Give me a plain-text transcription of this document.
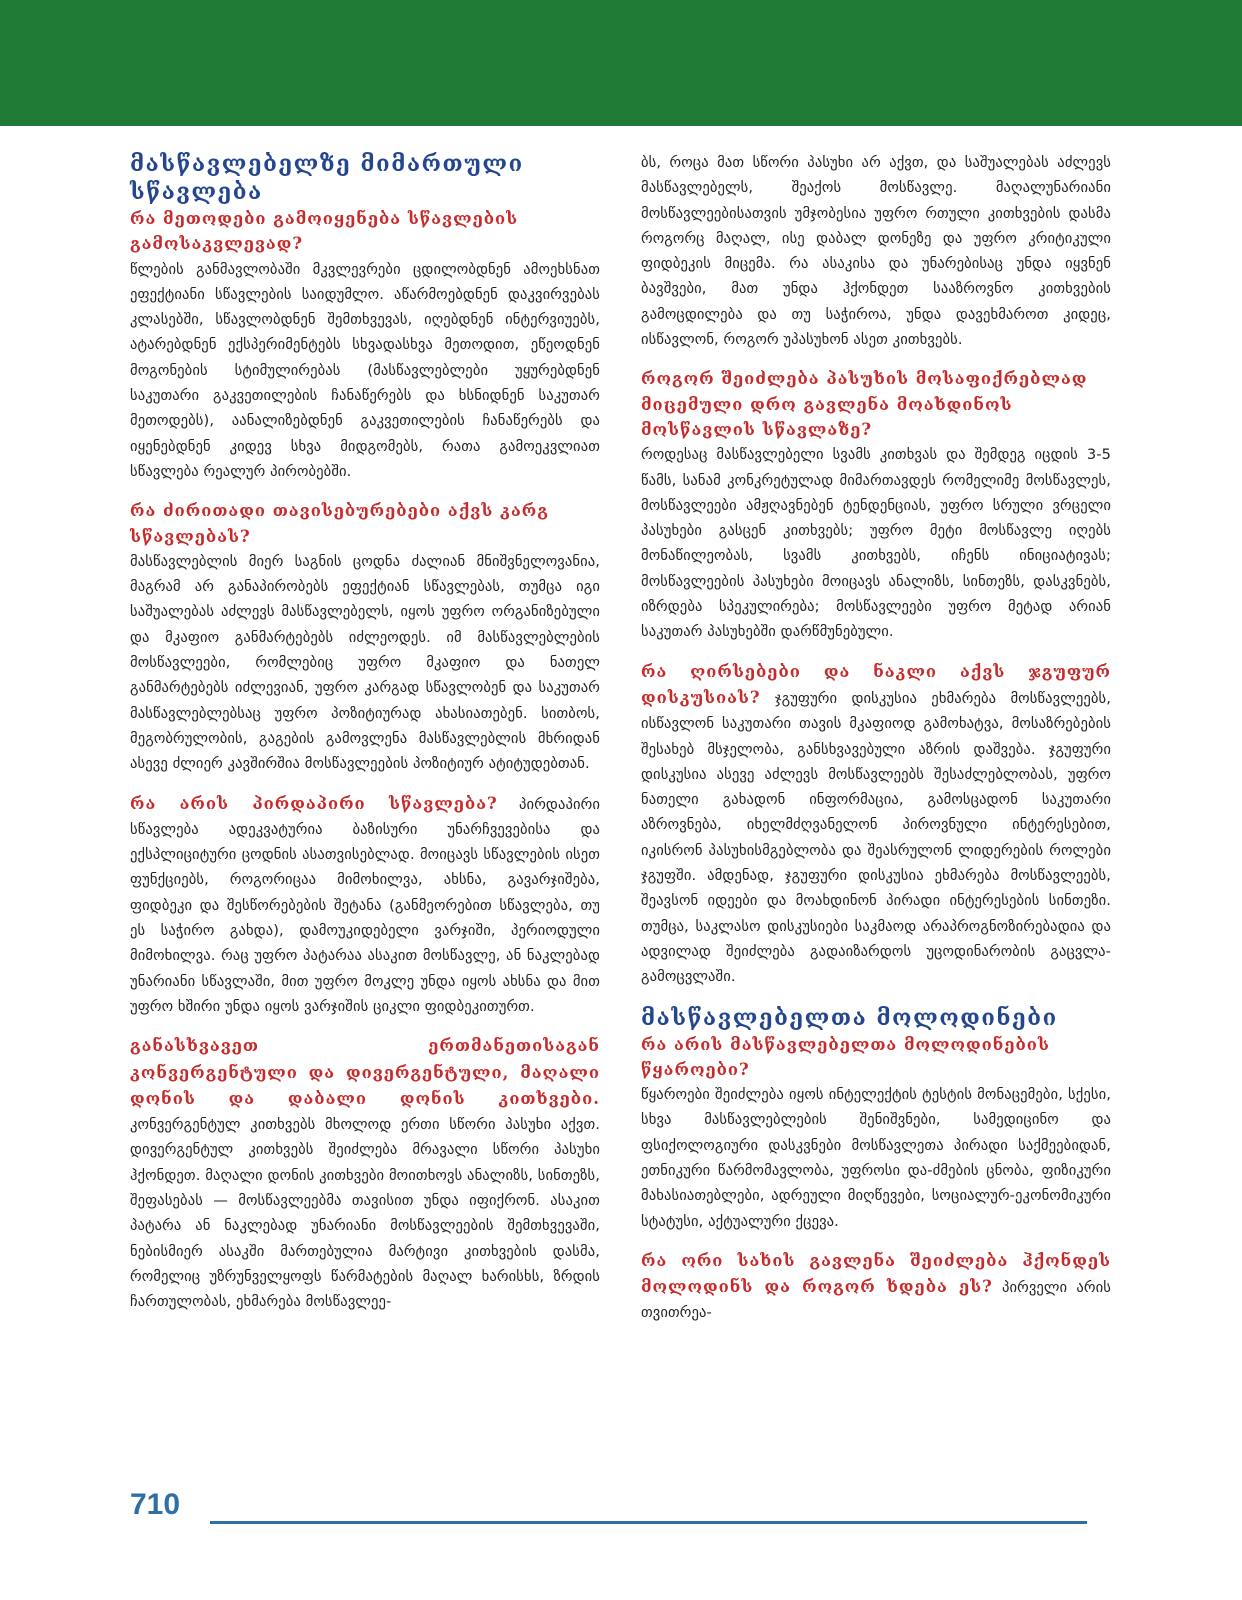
მასწავლებელზე მიმართული სწავლება
რა მეთოდები გამოიყენება სწავლების გამოსაკვლევად?

წლების განმავლობაში მკვლევრები ცდილობდნენ ამოეხსნათ ეფექტიანი სწავლების საიდუმლო. აწარმოებდნენ დაკვირვებას კლასებში, სწავლობდნენ შემთხვევას, იღებდნენ ინტერვიუებს, ატარებდნენ ექსპერიმენტებს სხვადასხვა მეთოდით, ეწეოდნენ მოგონების სტიმულირებას (მასწავლებლები უყურებდნენ საკუთარი გაკვეთილების ჩანაწერებს და ხსნიდნენ საკუთარ მეთოდებს), აანალიზებდნენ გაკვეთილების ჩანაწერებს და იყენებდნენ კიდევ სხვა მიდგომებს, რათა გამოეკვლიათ სწავლება რეალურ პირობებში.

რა ძირითადი თავისებურებები აქვს კარგ სწავლებას?

მასწავლებლის მიერ საგნის ცოდნა ძალიან მნიშვნელოვანია, მაგრამ არ განაპირობებს ეფექტიან სწავლებას, თუმცა იგი საშუალებას აძლევს მასწავლებელს, იყოს უფრო ორგანიზებული და მკაფიო განმარტებებს იძლეოდეს. იმ მასწავლებლების მოსწავლეები, რომლებიც უფრო მკაფიო და ნათელ განმარტებებს იძლევიან, უფრო კარგად სწავლობენ და საკუთარ მასწავლებლებსაც უფრო პოზიტიურად ახასიათებენ. სითბოს, მეგობრულობის, გაგების გამოვლენა მასწავლებლის მხრიდან ასევე ძლიერ კავშირშია მოსწავლეების პოზიტიურ ატიტუდებთან.

რა არის პირდაპირი სწავლება? პირდაპირი სწავლება ადეკვატურია ბაზისური უნარჩვევებისა და ექსპლიციტური ცოდნის ასათვისებლად. მოიცავს სწავლების ისეთ ფუნქციებს, როგორიცაა მიმოხილვა, ახსნა, გავარჯიშება, ფიდბეკი და შესწორებების შეტანა (განმეორებით სწავლება, თუ ეს საჭირო გახდა), დამოუკიდებელი ვარჯიში, პერიოდული მიმოხილვა. რაც უფრო პატარაა ასაკით მოსწავლე, ან ნაკლებად უნარიანი სწავლაში, მით უფრო მოკლე უნდა იყოს ახსნა და მით უფრო ხშირი უნდა იყოს ვარჯიშის ციკლი ფიდბეკითურთ.

განასხვავეთ ერთმანეთისაგან კონვერგენტული და დივერგენტული, მაღალი დონის და დაბალი დონის კითხვები. კონვერგენტულ კითხვებს მხოლოდ ერთი სწორი პასუხი აქვთ. დივერგენტულ კითხვებს შეიძლება მრავალი სწორი პასუხი ჰქონდეთ. მაღალი დონის კითხვები მოითხოვს ანალიზს, სინთეზს, შეფასებას — მოსწავლეებმა თავისით უნდა იფიქრონ. ასაკით პატარა ან ნაკლებად უნარიანი მოსწავლეების შემთხვევაში, ნებისმიერ ასაკში მართებულია მარტივი კითხვების დასმა, რომელიც უზრუნველყოფს წარმატების მაღალ ხარისხს, ზრდის ჩართულობას, ეხმარება მოსწავლეე-

ბს, როცა მათ სწორი პასუხი არ აქვთ, და საშუალებას აძლევს მასწავლებელს, შეაქოს მოსწავლე. მაღალუნარიანი მოსწავლეებისათვის უმჯობესია უფრო რთული კითხვების დასმა როგორც მაღალ, ისე დაბალ დონეზე და უფრო კრიტიკული ფიდბეკის მიცემა. რა ასაკისა და უნარებისაც უნდა იყვნენ ბავშვები, მათ უნდა ჰქონდეთ სააზროვნო კითხვების გამოცდილება და თუ საჭიროა, უნდა დავეხმაროთ კიდეც, ისწავლონ, როგორ უპასუხონ ასეთ კითხვებს.

როგორ შეიძლება პასუხის მოსაფიქრებლად მიცემული დრო გავლენა მოახდინოს მოსწავლის სწავლაზე?

როდესაც მასწავლებელი სვამს კითხვას და შემდეგ იცდის 3-5 წამს, სანამ კონკრეტულად მიმართავდეს რომელიმე მოსწავლეს, მოსწავლეები ამჟღავნებენ ტენდენციას, უფრო სრული ვრცელი პასუხები გასცენ კითხვებს; უფრო მეტი მოსწავლე იღებს მონაწილეობას, სვამს კითხვებს, იჩენს ინიციატივას; მოსწავლეების პასუხები მოიცავს ანალიზს, სინთეზს, დასკვნებს, იზრდება სპეკულირება; მოსწავლეები უფრო მეტად არიან საკუთარ პასუხებში დარწმუნებული.

რა ღირსებები და ნაკლი აქვს ჯგუფურ დისკუსიას? ჯგუფური დისკუსია ეხმარება მოსწავლეებს, ისწავლონ საკუთარი თავის მკაფიოდ გამოხატვა, მოსაზრებების შესახებ მსჯელობა, განსხვავებული აზრის დაშვება. ჯგუფური დისკუსია ასევე აძლევს მოსწავლეებს შესაძლებლობას, უფრო ნათელი გახადონ ინფორმაცია, გამოსცადონ საკუთარი აზროვნება, იხელმძღვანელონ პიროვნული ინტერესებით, იკისრონ პასუხისმგებლობა და შეასრულონ ლიდერების როლები ჯგუფში. ამდენად, ჯგუფური დისკუსია ეხმარება მოსწავლეებს, შეავსონ იდეები და მოახდინონ პირადი ინტერესების სინთეზი. თუმცა, საკლასო დისკუსიები საკმაოდ არაპროგნოზირებადია და ადვილად შეიძლება გადაიზარდოს უცოდინარობის გაცვლა-გამოცვლაში.

მასწავლებელთა მოლოდინები
რა არის მასწავლებელთა მოლოდინების წყაროები?

წყაროები შეიძლება იყოს ინტელექტის ტესტის მონაცემები, სქესი, სხვა მასწავლებლების შენიშვნები, სამედიცინო და ფსიქოლოგიური დასკვნები მოსწავლეთა პირადი საქმეებიდან, ეთნიკური წარმომავლობა, უფროსი და-ძმების ცნობა, ფიზიკური მახასიათებლები, ადრეული მიღწევები, სოციალურ-ეკონომიკური სტატუსი, აქტუალური ქცევა.

რა ორი სახის გავლენა შეიძლება ჰქონდეს მოლოდინს და როგორ ხდება ეს? პირველი არის თვითრეა-

710
